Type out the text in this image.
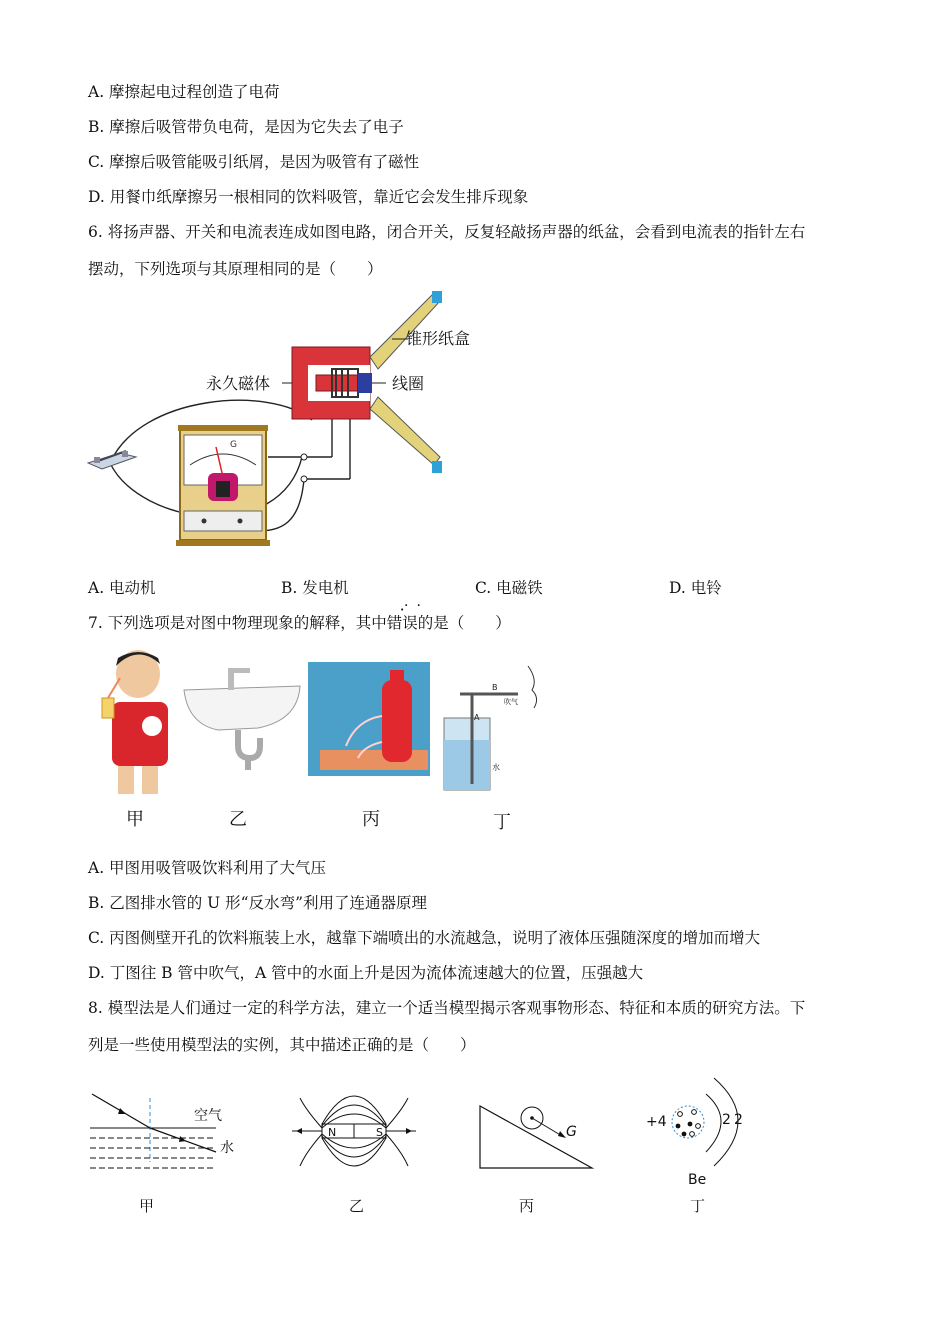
A. 摩擦起电过程创造了电荷
B. 摩擦后吸管带负电荷，是因为它失去了电子
C. 摩擦后吸管能吸引纸屑，是因为吸管有了磁性
D. 用餐巾纸摩擦另一根相同的饮料吸管，靠近它会发生排斥现象
6. 将扬声器、开关和电流表连成如图电路，闭合开关，反复轻敲扬声器的纸盆，会看到电流表的指针左右
摆动，下列选项与其原理相同的是（　　）
G
锥形纸盒
永久磁体	线圈
A. 电动机	B. 发电机	C. 电磁铁	D. 电铃
7. 下列选项是对图中物理现象的解释，其中错误的是（　　）
··
B
A
吹气
水
甲	乙	丙	丁
A. 甲图用吸管吸饮料利用了大气压
B. 乙图排水管的 U 形“反水弯”利用了连通器原理
C. 丙图侧壁开孔的饮料瓶装上水，越靠下端喷出的水流越急，说明了液体压强随深度的增加而增大
D. 丁图往 B 管中吹气，A 管中的水面上升是因为流体流速越大的位置，压强越大
8. 模型法是人们通过一定的科学方法，建立一个适当模型揭示客观事物形态、特征和本质的研究方法。下
列是一些使用模型法的实例，其中描述正确的是（　　）
空气
水
N	S	G
+4	2 2
Be
甲	乙	丙	丁
